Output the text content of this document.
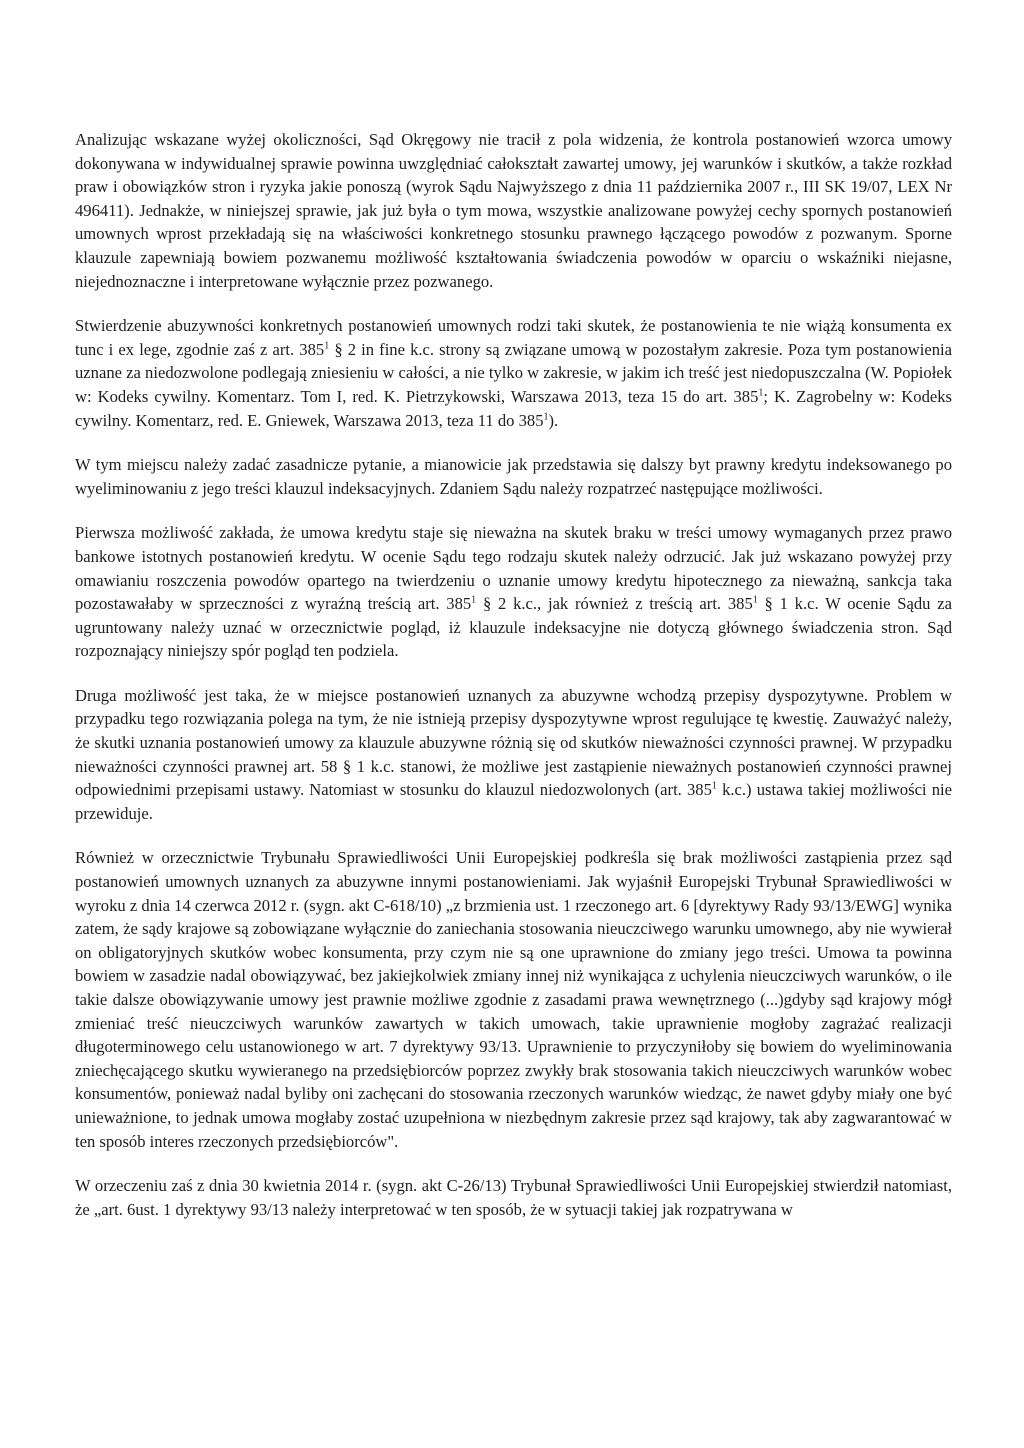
Analizując wskazane wyżej okoliczności, Sąd Okręgowy nie tracił z pola widzenia, że kontrola postanowień wzorca umowy dokonywana w indywidualnej sprawie powinna uwzględniać całokształt zawartej umowy, jej warunków i skutków, a także rozkład praw i obowiązków stron i ryzyka jakie ponoszą (wyrok Sądu Najwyższego z dnia 11 października 2007 r., III SK 19/07, LEX Nr 496411). Jednakże, w niniejszej sprawie, jak już była o tym mowa, wszystkie analizowane powyżej cechy spornych postanowień umownych wprost przekładają się na właściwości konkretnego stosunku prawnego łączącego powodów z pozwanym. Sporne klauzule zapewniają bowiem pozwanemu możliwość kształtowania świadczenia powodów w oparciu o wskaźniki niejasne, niejednoznaczne i interpretowane wyłącznie przez pozwanego.

Stwierdzenie abuzywności konkretnych postanowień umownych rodzi taki skutek, że postanowienia te nie wiążą konsumenta ex tunc i ex lege, zgodnie zaś z art. $385^1$ § 2 in fine k.c. strony są związane umową w pozostałym zakresie. Poza tym postanowienia uznane za niedozwolone podlegają zniesieniu w całości, a nie tylko w zakresie, w jakim ich treść jest niedopuszczalna (W. Popiołek w: Kodeks cywilny. Komentarz. Tom I, red. K. Pietrzykowski, Warszawa 2013, teza 15 do art. $385^1$; K. Zagrobelny w: Kodeks cywilny. Komentarz, red. E. Gniewek, Warszawa 2013, teza 11 do $385^1$).

W tym miejscu należy zadać zasadnicze pytanie, a mianowicie jak przedstawia się dalszy byt prawny kredytu indeksowanego po wyeliminowaniu z jego treści klauzul indeksacyjnych. Zdaniem Sądu należy rozpatrzeć następujące możliwości.

Pierwsza możliwość zakłada, że umowa kredytu staje się nieważna na skutek braku w treści umowy wymaganych przez prawo bankowe istotnych postanowień kredytu. W ocenie Sądu tego rodzaju skutek należy odrzucić. Jak już wskazano powyżej przy omawianiu roszczenia powodów opartego na twierdzeniu o uznanie umowy kredytu hipotecznego za nieważną, sankcja taka pozostawałaby w sprzeczności z wyraźną treścią art. $385^1$ § 2 k.c., jak również z treścią art. $385^1$ § 1 k.c. W ocenie Sądu za ugruntowany należy uznać w orzecznictwie pogląd, iż klauzule indeksacyjne nie dotyczą głównego świadczenia stron. Sąd rozpoznający niniejszy spór pogląd ten podziela.

Druga możliwość jest taka, że w miejsce postanowień uznanych za abuzywne wchodzą przepisy dyspozytywne. Problem w przypadku tego rozwiązania polega na tym, że nie istnieją przepisy dyspozytywne wprost regulujące tę kwestię. Zauważyć należy, że skutki uznania postanowień umowy za klauzule abuzywne różnią się od skutków nieważności czynności prawnej. W przypadku nieważności czynności prawnej art. 58 § 1 k.c. stanowi, że możliwe jest zastąpienie nieważnych postanowień czynności prawnej odpowiednimi przepisami ustawy. Natomiast w stosunku do klauzul niedozwolonych (art. $385^1$ k.c.) ustawa takiej możliwości nie przewiduje.

Również w orzecznictwie Trybunału Sprawiedliwości Unii Europejskiej podkreśla się brak możliwości zastąpienia przez sąd postanowień umownych uznanych za abuzywne innymi postanowieniami. Jak wyjaśnił Europejski Trybunał Sprawiedliwości w wyroku z dnia 14 czerwca 2012 r. (sygn. akt C-618/10) „z brzmienia ust. 1 rzeczonego art. 6 [dyrektywy Rady 93/13/EWG] wynika zatem, że sądy krajowe są zobowiązane wyłącznie do zaniechania stosowania nieuczciwego warunku umownego, aby nie wywierał on obligatoryjnych skutków wobec konsumenta, przy czym nie są one uprawnione do zmiany jego treści. Umowa ta powinna bowiem w zasadzie nadal obowiązywać, bez jakiejkolwiek zmiany innej niż wynikająca z uchylenia nieuczciwych warunków, o ile takie dalsze obowiązywanie umowy jest prawnie możliwe zgodnie z zasadami prawa wewnętrznego (...)gdyby sąd krajowy mógł zmieniać treść nieuczciwych warunków zawartych w takich umowach, takie uprawnienie mogłoby zagrażać realizacji długoterminowego celu ustanowionego w art. 7 dyrektywy 93/13. Uprawnienie to przyczyniłoby się bowiem do wyeliminowania zniechęcającego skutku wywieranego na przedsiębiorców poprzez zwykły brak stosowania takich nieuczciwych warunków wobec konsumentów, ponieważ nadal byliby oni zachęcani do stosowania rzeczonych warunków wiedząc, że nawet gdyby miały one być unieważnione, to jednak umowa mogłaby zostać uzupełniona w niezbędnym zakresie przez sąd krajowy, tak aby zagwarantować w ten sposób interes rzeczonych przedsiębiorców".

W orzeczeniu zaś z dnia 30 kwietnia 2014 r. (sygn. akt C-26/13) Trybunał Sprawiedliwości Unii Europejskiej stwierdził natomiast, że „art. 6ust. 1 dyrektywy 93/13 należy interpretować w ten sposób, że w sytuacji takiej jak rozpatrywana w
